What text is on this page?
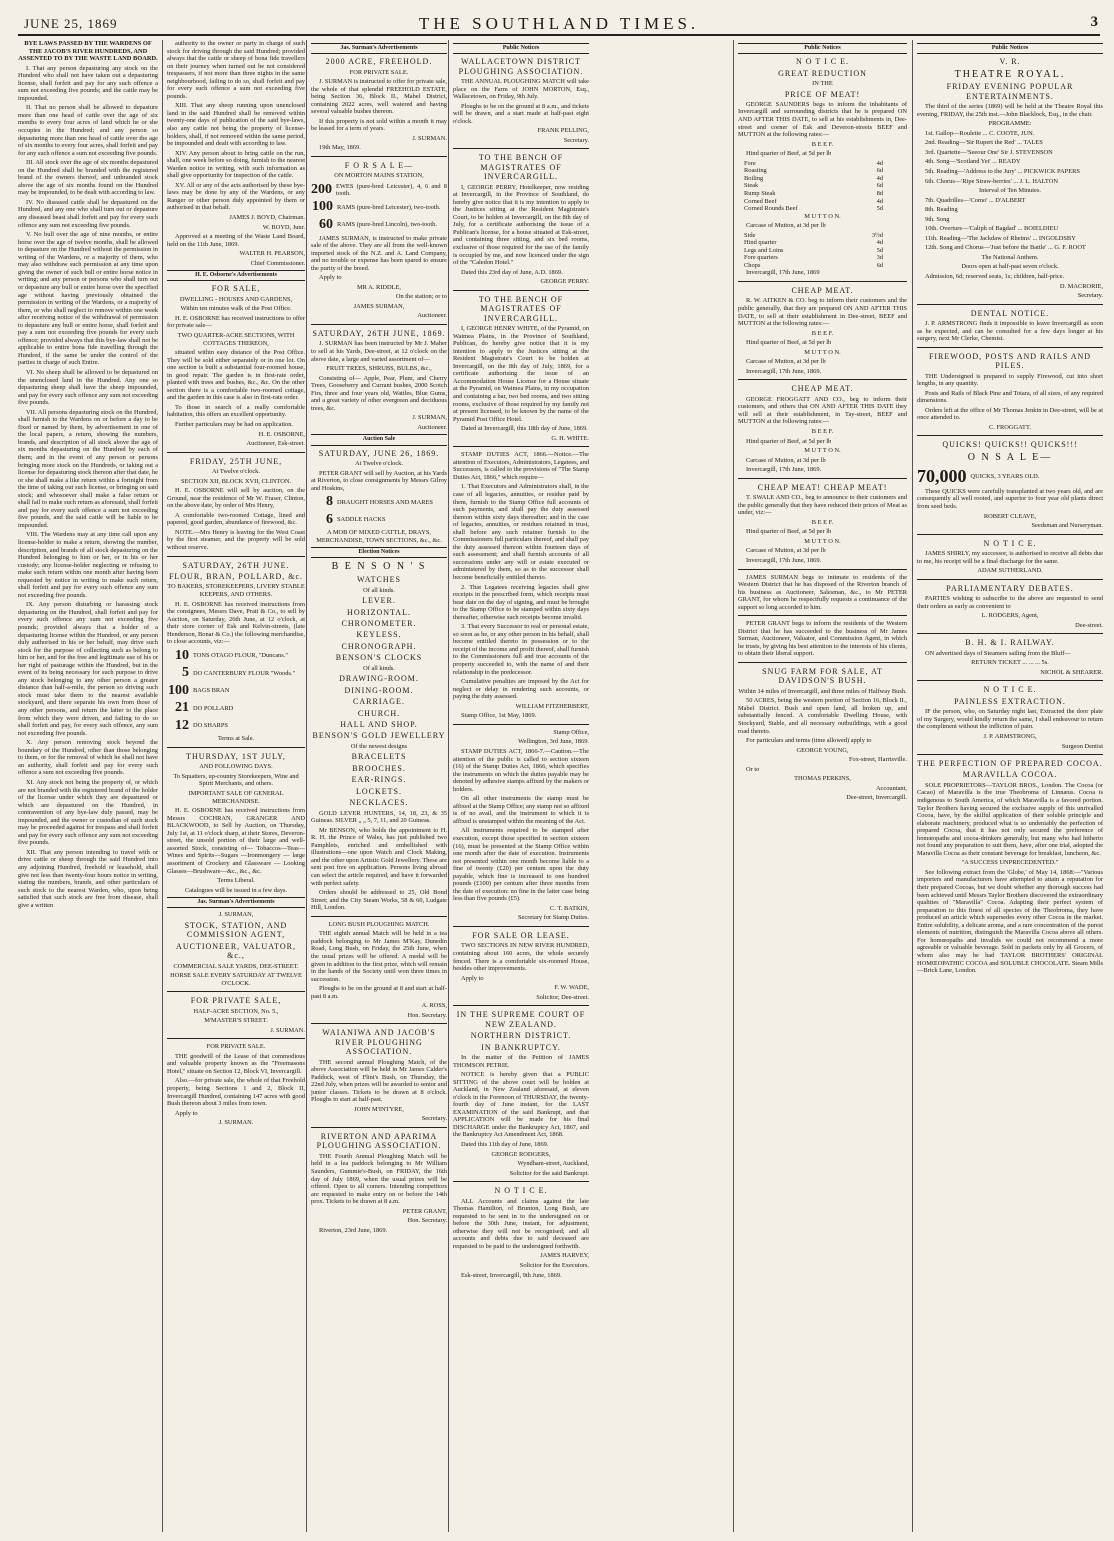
JUNE 25, 1869	THE SOUTHLAND TIMES.	3

BYE LAWS PASSED BY THE WARDENS OF THE JACOB'S RIVER HUNDREDS, AND ASSENTED TO BY THE WASTE LAND BOARD.

I. That any person depasturing any stock on the Hundred who shall not have taken out a depasturing license, shall forfeit and pay for any such offence a sum not exceeding five pounds; and the cattle may be impounded.

II. That no person shall be allowed to depasture more than one head of cattle over the age of six months to every four acres of land which he or she occupies in the Hundred; and any person so depasturing more than one head of cattle over the age of six months to every four acres, shall forfeit and pay for any such offence a sum not exceeding five pounds.

III. All stock over the age of six months depastured on the Hundred shall be branded with the registered brand of the owners thereof, and unbranded stock above the age of six months found on the Hundred may be impounded, to be dealt with according to law.

IV. No diseased cattle shall be depastured on the Hundred, and any one who shall turn out or depasture any diseased beast shall forfeit and pay for every such offence any sum not exceeding five pounds.

V. No bull over the age of nine months, or entire horse over the age of twelve months, shall be allowed to depasture on the Hundred without the permission in writing of the Wardens, or a majority of them, who may also withdraw such permission at any time upon giving the owner of such bull or entire horse notice in writing; and any person or persons who shall turn out or depasture any bull or entire horse over the specified age without having previously obtained the permission in writing of the Wardens, or a majority of them, or who shall neglect to remove within one week after receiving notice of the withdrawal of permission to depasture any bull or entire horse, shall forfeit and pay a sum not exceeding five pounds for every such offence; provided always that this bye-law shall not be applicable to entire bona fide travelling through the Hundred, if the same be under the control of the parties in charge of such Entire.

VI. No sheep shall be allowed to be depastured on the unenclosed land in the Hundred. Any one so depasturing sheep shall have the sheep impounded, and pay for every such offence any sum not exceeding five pounds.

VII. All persons depasturing stock on the Hundred, shall furnish to the Wardens on or before a day to be fixed or named by them, by advertisement in one of the local papers, a return, showing the numbers, brands, and description of all stock above the age of six months depasturing on the Hundred by each of them; and in the event of any person or persons bringing more stock on the Hundreds, or taking out a license for depasturing stock thereon after that date, he or she shall make a like return within a fortnight from the time of taking out such license, or bringing on said stock; and whosoever shall make a false return or shall fail to make such return as aforesaid, shall forfeit and pay for every such offence a sum not exceeding five pounds, and the said cattle will be liable to be impounded.

VIII. The Wardens may at any time call upon any license-holder to make a return, showing the number, description, and brands of all stock depasturing on the Hundred belonging to him or her, or in his or her custody; any license-holder neglecting or refusing to make such return within one month after having been requested by notice in writing to make such return, shall forfeit and pay for every such offence any sum not exceeding five pounds.

IX. Any person disturbing or harassing stock depasturing on the Hundred, shall forfeit and pay for every such offence any sum not exceeding five pounds; provided always that a holder of a depasturing license within the Hundred, or any person duly authorised in his or her behalf, may drive such stock for the purpose of collecting such as belong to him or her, and for the free and legitimate use of his or her right of pasturage within the Hundred, but in the event of its being necessary for such purpose to drive any stock belonging to any other person a greater distance than half-a-mile, the person so driving such stock must take them to the nearest available stockyard, and there separate his own from those of any other persons, and return the latter to the place from which they were driven, and failing to do so shall forfeit and pay, for every such offence, any sum not exceeding five pounds.

X. Any person removing stock beyond the boundary of the Hundred, other than those belonging to them, or for the removal of which he shall not have an authority, shall forfeit and pay for every such offence a sum not exceeding five pounds.

XI. Any stock not being the property of, or which are not branded with the registered brand of the holder of the license under which they are depastured or which are depastured on the Hundred, in contravention of any bye-law duly passed, may be impounded, and the owner or custodian of such stock may be proceeded against for trespass and shall forfeit and pay for every such offence any sum not exceeding five pounds.

XII. That any person intending to travel with or drive cattle or sheep through the said Hundred into any adjoining Hundred, freehold or leasehold, shall give not less than twenty-four hours notice in writing, stating the numbers, brands, and other particulars of such stock to the nearest Warden, who, upon being satisfied that such stock are free from disease, shall give a written

authority to the owner or party in charge of such stock for driving through the said Hundred; provided always that the cattle or sheep of bona fide travellers on their journey when turned out be not considered trespassers, if not more than three nights in the same neighbourhood, failing to do so, shall forfeit and pay for every such offence a sum not exceeding five pounds.

XIII. That any sheep running upon unenclosed land in the said Hundred shall be removed within twenty-one days of publication of the said bye-laws, also any cattle not being the property of license-holders, shall, if not removed within the same period, be impounded and dealt with according to law.

XIV. Any person about to bring cattle on the run, shall, one week before so doing, furnish to the nearest Warden notice in writing, with such information as shall give opportunity for inspection of the cattle.

XV. All or any of the acts authorised by these bye-laws may be done by any of the Wardens, or any Ranger or other person duly appointed by them or authorised in that behalf.

JAMES J. BOYD, Chairman.

W. BOYD, Junr.

Approved at a meeting of the Waste Land Board, held on the 11th June, 1869.

WALTER H. PEARSON,

Chief Commissioner.

H. E. Osborne's Advertisements

FOR SALE,

DWELLING - HOUSES AND GARDENS,

Within ten minutes walk of the Post Office.

H. E. OSBORNE has received instructions to offer for private sale—

TWO QUARTER-ACRE SECTIONS, WITH COTTAGES THEREON,

situated within easy distance of the Post Office. They will be sold either separately or in one lot. On one section is built a substantial four-roomed house, in good repair. The garden is in first-rate order, planted with trees and bushes, &c., &c. On the other section there is a comfortable two-roomed cottage, and the garden in this case is also in first-rate order.

To those in search of a really comfortable habitation, this offers an excellent opportunity.

Further particulars may be had on application.

H. E. OSBORNE,

Auctioneer, Esk-street.

FRIDAY, 25TH JUNE,

At Twelve o'clock.

SECTION XII, BLOCK XVII, CLINTON.

H. E. OSBORNE will sell by auction, on the Ground, near the residence of Mr W. Fraser, Clinton, on the above date, by order of Mrs Henry,

A comfortable two-roomed Cottage, lined and papered, good garden, abundance of firewood, &c.

NOTE.—Mrs Henry is leaving for the West Coast by the first steamer, and the property will be sold without reserve.

SATURDAY, 26TH JUNE.

FLOUR, BRAN, POLLARD, &c.

TO BAKERS, STOREKEEPERS, LIVERY STABLE KEEPERS, AND OTHERS.

H. E. OSBORNE has received instructions from the consignees, Messrs Dave, Pratt & Co., to sell by Auction, on Saturday, 26th June, at 12 o'clock, at their store corner of Esk and Kelvin-streets, (late Henderson, Bonar & Co.) the following merchandise, to close accounts, viz:—

10 TONS OTAGO FLOUR, "Duncans."
5 DO CANTERBURY FLOUR "Woods."
100 BAGS BRAN
21 DO POLLARD
12 DO SHARPS

Terms at Sale.

THURSDAY, 1ST JULY,

AND FOLLOWING DAYS.

To Squatters, up-country Storekeepers, Wine and Spirit Merchants, and others.

IMPORTANT SALE OF GENERAL MERCHANDISE.

H. E. OSBORNE has received instructions from Messrs COCHRAN, GRANGER AND BLACKWOOD, to Sell by Auction, on Thursday, July 1st, at 11 o'clock sharp, at their Stores, Deveron-street, the unsold portion of their large and well-assorted Stock, consisting of— Tobaccos—Teas—Wines and Spirits—Sugars —Ironmongery — large assortment of Crockery and Glassware — Looking Glasses—Brushware—&c., &c., &c.

Terms Liberal.

Catalogues will be issued in a few days.

Jas. Surman's Advertisements

J. SURMAN,

STOCK, STATION, AND COMMISSION AGENT,

AUCTIONEER, VALUATOR, &c.,

COMMERCIAL SALE YARDS, DEE-STREET.

HORSE SALE EVERY SATURDAY AT TWELVE O'CLOCK.

FOR PRIVATE SALE,

HALF-ACRE SECTION, No. 5.,

M'MASTER'S STREET.

J. SURMAN.

FOR PRIVATE SALE.

THE goodwill of the Lease of that commodious and valuable property known as the "Freemasons Hotel," situate on Section 12, Block VI, Invercargill.

Also.—for private sale, the whole of that Freehold property, being Sections 1 and 2, Block II, Invercargill Hundred, containing 147 acres with good Bush thereon about 3 miles from town.

Apply to

J. SURMAN.

Jas. Surman's Advertisements

2000 ACRE, FREEHOLD.

FOR PRIVATE SALE.

J. SURMAN is instructed to offer for private sale, the whole of that splendid FREEHOLD ESTATE, being Section 36, Block II., Mabel District, containing 2022 acres, well watered and having several valuable bushes thereon.

If this property is not sold within a month it may be leased for a term of years.

J. SURMAN.

19th May, 1869.

F O R S A L E—

ON MORTON MAINS STATION,

200 EWES (pure-bred Leicester), 4, 6 and 8 tooth.
100 RAMS (pure-bred Leicester), two-tooth.
60 RAMS (pure-bred Lincoln), two-tooth.

JAMES SURMAN, is instructed to make private sale of the above. They are all from the well-known imported stock of the N.Z. and A. Land Company, and no trouble or expense has been spared to ensure the purity of the breed.

Apply to

MR A. RIDDLE,

On the station; or to

JAMES SURMAN,

Auctioneer.

SATURDAY, 26TH JUNE, 1869.

J. SURMAN has been instructed by Mr J. Maher to sell at his Yards, Dee-street, at 12 o'clock on the above date, a large and varied assortment of—

FRUIT TREES, SHRUBS, BULBS, &c.,

Consisting of— Apple, Pear, Plum, and Cherry Trees, Gooseberry and Currant bushes, 2000 Scotch Firs, three and four years old, Wattles, Blue Gums, and a great variety of other evergreen and deciduous trees, &c.

J. SURMAN,

Auctioneer.

Auction Sale

SATURDAY, JUNE 26, 1869.

At Twelve o'clock.

PETER GRANT will sell by Auction, at his Yards at Riverton, to close consignments by Messrs Gilroy and Hoskins,

8 DRAUGHT HORSES AND MARES
6 SADDLE HACKS

A MOB OF MIXED CATTLE, DRAYS, MERCHANDISE, TOWN SECTIONS, &c., &c.

Election Notices

B E N S O N ' S

WATCHES

Of all kinds.

LEVER.

HORIZONTAL.

CHRONOMETER.

KEYLESS.

CHRONOGRAPH.

BENSON'S CLOCKS

Of all kinds.

DRAWING-ROOM.

DINING-ROOM.

CARRIAGE.

CHURCH.

HALL AND SHOP.

BENSON'S GOLD JEWELLERY

Of the newest designs

BRACELETS

BROOCHES.

EAR-RINGS.

LOCKETS.

NECKLACES.

GOLD LEVER HUNTERS, 14, 18, 23, & 35 Guineas. SILVER „ „ 5, 7, 11, and 20 Guineas.

Mr BENSON, who holds the appointment to H. R. H. the Prince of Wales, has just published two Pamphlets, enriched and embellished with illustrations—one upon Watch and Clock Making, and the other upon Artistic Gold Jewellery. These are sent post free on application. Persons living abroad can select the article required, and have it forwarded with perfect safety.

Orders should be addressed to 25, Old Bond Street; and the City Steam Works, 58 & 60, Ludgate Hill, London.

LONG BUSH PLOUGHING MATCH.

THE eighth annual Match will be held in a tea paddock belonging to Mr James M'Kay, Dunedin Road, Long Bush, on Friday, the 25th June, when the usual prizes will be offered. A medal will be given in addition to the first prize, which will remain in the hands of the Society until won three times in succession.

Ploughs to be on the ground at 8 and start at half-past 8 a.m.

A. ROSS,

Hon. Secretary.

WAIANIWA AND JACOB'S RIVER PLOUGHING ASSOCIATION.

THE second annual Ploughing Match, of the above Association will be held in Mr James Calder's Paddock, west of Flint's Bush, on Thursday, the 22nd July, when prizes will be awarded to senior and junior classes. Tickets to be drawn at 8 o'clock. Ploughs to start at half-past.

JOHN M'INTYRE,

Secretary.

RIVERTON AND APARIMA PLOUGHING ASSOCIATION.

THE Fourth Annual Ploughing Match will be held in a lea paddock belonging to Mr William Saunders, Gummie's-Bush, on FRIDAY, the 16th day of July 1869, when the usual prizes will be offered. Open to all comers. Intending competitors are requested to make entry on or before the 14th prox. Tickets to be drawn at 8 a.m.

PETER GRANT,

Hon. Secretary.

Riverton, 23rd June, 1869.

Public Notices

WALLACETOWN DISTRICT PLOUGHING ASSOCIATION.

THE ANNUAL PLOUGHING MATCH will take place on the Farm of JOHN MORTON, Esq., Wallacetown, on Friday, 9th July.

Ploughs to be on the ground at 8 a.m., and tickets will be drawn, and a start made at half-past eight o'clock.

FRANK PELLING,

Secretary.

TO THE BENCH OF MAGISTRATES OF INVERCARGILL.

I, GEORGE PERRY, Hotelkeeper, now residing at Invercargill, in the Province of Southland, do hereby give notice that it is my intention to apply to the Justices sitting at the Resident Magistrate's Court, to be holden at Invercargill, on the 8th day of July, for a certificate authorising the issue of a Publican's license, for a house situated at Esk-street, and containing three sitting, and six bed rooms, exclusive of those required for the use of the family is occupied by me, and now licenced under the sign of the "Caledon Hotel."

Dated this 23rd day of June, A.D. 1869.

GEORGE PERRY.

TO THE BENCH OF MAGISTRATES OF INVERCARGILL.

I, GEORGE HENRY WHITE, of the Pyramid, on Waimea Plains, in the Province of Southland, Publican, do hereby give notice that it is my intention to apply to the Justices sitting at the Resident Magistrate's Court to be holden at Invercargill, on the 8th day of July, 1869, for a certificate authorising the issue of an Accommodation House License for a House situate at the Pyramid, on Waimea Plains, in my occupation and containing a bar, two bed rooms, and two sitting rooms, exclusive of those required by my family not at present licensed, to be known by the name of the Pyramid Post Office Hotel.

Dated at Invercargill, this 18th day of June, 1869.

G. H. WHITE.

STAMP DUTIES ACT, 1866.—Notice.—The attention of Executors, Administrators, Legatees, and Successors, is called to the provisions of "The Stamp Duties Act, 1866," which require—

1. That Executors and Administrators shall, in the case of all legacies, annuities, or residue paid by them, furnish to the Stamp Office full accounts of such payments, and shall pay the duty assessed thereon within sixty days thereafter; and in the case of legacies, annuities, or residues retained in trust, shall before any such retainer furnish to the Commissioners full particulars thereof, and shall pay the duty assessed thereon within fourteen days of such assessment; and shall furnish accounts of all successions under any will or estate executed or administered by them, so as to the successor shall become beneficially entitled thereto.

2. That Legatees receiving legacies shall give receipts in the prescribed form, which receipts must bear date on the day of signing, and must be brought to the Stamp Office to be stamped within sixty days thereafter, otherwise such receipts become invalid.

3. That every Successor to real or personal estate, so soon as he, or any other person in his behalf, shall become entitled thereto in possession or to the receipt of the income and profit thereof, shall furnish to the Commissioners full and true accounts of the property succeeded to, with the name of and their relationship to the predecessor.

Cumulative penalties are imposed by the Act for neglect or delay in rendering such accounts, or paying the duty assessed.

WILLIAM FITZHERBERT,

Stamp Office, 1st May, 1869.

Stamp Office,

Wellington, 3rd June, 1869.

STAMP DUTIES ACT, 1866-7.—Caution.—The attention of the public is called to section sixteen (16) of the Stamp Duties Act, 1866, which specifies the instruments on which the duties payable may be denoted by adhesive stamps affixed by the makers or holders.

On all other instruments the stamp must be affixed at the Stamp Office; any stamp not so affixed is of no avail, and the instrument to which it is affixed is unstamped within the meaning of the Act.

All instruments required to be stamped after execution, except those specified in section sixteen (16), must be presented at the Stamp Office within one month after the date of execution. Instruments not presented within one month become liable to a fine of twenty (£20) per centum upon the duty payable, which fine is increased to one hundred pounds (£100) per centum after three months from the date of execution: no fine in the latter case being less than five pounds (£5).

C. T. BATKIN,

Secretary for Stamp Duties.

FOR SALE OR LEASE.

TWO SECTIONS IN NEW RIVER HUNDRED, containing about 160 acres, the whole securely fenced. There is a comfortable six-roomed House, besides other improvements.

Apply to

F. W. WADE,

Solicitor, Dee-street.

IN THE SUPREME COURT OF NEW ZEALAND.

NORTHERN DISTRICT.

IN BANKRUPTCY.

In the matter of the Petition of JAMES THOMSON PETRIE.

NOTICE is hereby given that a PUBLIC SITTING of the above court will be holden at Auckland, in New Zealand aforesaid, at eleven o'clock in the Forenoon of THURSDAY, the twenty-fourth day of June instant, for the LAST EXAMINATION of the said Bankrupt, and that APPLICATION will be made for his final DISCHARGE under the Bankruptcy Act, 1867, and the Bankruptcy Act Amendment Act, 1868.

Dated this 11th day of June, 1869.

GEORGE RODGERS,

Wyndham-street, Auckland,

Solicitor for the said Bankrupt.

N O T I C E.

ALL Accounts and claims against the late Thomas Hamilton, of Brunton, Long Bush, are requested to be sent in to the undersigned on or before the 30th June, instant, for adjustment, otherwise they will not be recognised; and all accounts and debts due to said deceased are requested to be paid to the undersigned forthwith.

JAMES HARVEY,

Solicitor for the Executors.

Esk-street, Invercargill, 9th June, 1869.

Public Notices

N O T I C E.

GREAT REDUCTION

IN THE

PRICE OF MEAT!

GEORGE SAUNDERS begs to inform the inhabitants of Invercargill and surrounding districts that he is prepared ON AND AFTER THIS DATE, to sell at his establishments in, Dee-street and corner of Esk and Deveron-streets BEEF and MUTTON at the following rates:—

B E E F.

Hind quarter of Beef, at 5d per lb

Fore	4d
Roasting	6d
Boiling	4d
Steak	6d
Rump Steak	8d
Corned Beef	4d
Corned Rounds Beef	5d

M U T T O N.

Carcase of Mutton, at 3d per lb

Side	3½d
Hind quarter	4d
Legs and Loins	5d
Fore quarters	3d
Chops	6d

Invercargill, 17th June, 1869

CHEAP MEAT.

R. W. AITKEN & CO. beg to inform their customers and the public generally, that they are prepared ON AND AFTER THIS DATE, to sell at their establishment in Dee-street, BEEF and MUTTON at the following rates:—

B E E F.

Hind quarter of Beef, at 5d per lb

M U T T O N.

Carcase of Mutton, at 3d per lb

Invercargill, 17th June, 1869.

CHEAP MEAT.

GEORGE FROGGATT AND CO., beg to inform their customers, and others that ON AND AFTER THIS DATE they will sell at their establishment, in Tay-street, BEEF and MUTTON at the following rates:—

B E E F.

Hind quarter of Beef, at 5d per lb

M U T T O N.

Carcase of Mutton, at 3d per lb

Invercargill, 17th June, 1869.

CHEAP MEAT! CHEAP MEAT!

T. SWALE AND CO., beg to announce to their customers and the public generally that they have reduced their prices of Meat as under, viz:—

B E E F.

Hind quarter of Beef, at 5d per lb

M U T T O N.

Carcase of Mutton, at 3d per lb

Invercargill, 17th June, 1869.

JAMES SURMAN begs to intimate to residents of the Western District that he has disposed of the Riverton branch of his business as Auctioneer, Salesman, &c., to Mr PETER GRANT, for whom he respectfully requests a continuance of the support so long accorded to him.

PETER GRANT begs to inform the residents of the Western District that he has succeeded to the business of Mr James Surman, Auctioneer, Valuator, and Commission Agent, in which he trusts, by giving his best attention to the interests of his clients, to obtain their liberal support.

SNUG FARM FOR SALE, AT DAVIDSON'S BUSH.

Within 14 miles of Invercargill, and three miles of Halfway Bush.

50 ACRES, being the western portion of Section 16, Block II., Mabel District. Bush and open land, all broken up, and substantially fenced. A comfortable Dwelling House, with Stockyard, Stable, and all necessary outbuildings, with a good road thereto.

For particulars and terms (time allowed) apply to

GEORGE YOUNG,

Fox-street, Harrisville.

Or to

THOMAS PERKINS,

Accountant,

Dee-street, Invercargill.

Public Notices

V. R.

THEATRE ROYAL.

FRIDAY EVENING POPULAR ENTERTAINMENTS.

The third of the series (1869) will be held at the Theatre Royal this evening, FRIDAY, the 25th inst.—John Blacklock, Esq., in the chair.

PROGRAMME:

1st. Gallop—Roulette ... C. COOTE, JUN.

2nd. Reading—'Sir Rupert the Red' ... TALES

3rd. Quartette—'Seeour One' Sir J. STEVENSON

4th. Song—'Scotland Yet' ... READY

5th. Reading—'Address to the Jury' ... PICKWICK PAPERS

6th. Chorus—'Ripe Straw-berries' ... J. L. HALTON

Interval of Ten Minutes.

7th. Quadrilles—'Como' ... D'ALBERT

8th. Reading

9th. Song

10th. Overture—'Caliph of Bagdad' ... BOIELDIEU

11th. Reading—'The Jackdaw of Rheims' ... INGOLDSBY

12th. Song and Chorus—'Just before the Battle' ... G. F. ROOT

The National Anthem.

Doors open at half-past seven o'clock.

Admission, 6d; reserved seats, 1s; children, half-price.

D. MACRORIE,

Secretary.

DENTAL NOTICE.

J. P. ARMSTRONG finds it impossible to leave Invercargill as soon as he expected, and can be consulted for a few days longer at his surgery, next Mr Clerke, Chemist.

FIREWOOD, POSTS AND RAILS AND PILES.

THE Undersigned is prepared to supply Firewood, cut into short lengths, in any quantity.

Posts and Rails of Black Pine and Totara, of all sizes, of any required dimensions.

Orders left at the office of Mr Thomas Jenkin in Dee-street, will be at once attended to.

C. FROGGATT.

QUICKS! QUICKS!! QUICKS!!!

O N S A L E—

70,000 QUICKS, 3 YEARS OLD.

These QUICKS were carefully transplanted at two years old, and are consequently all well rooted, and superior to four year old plants direct from seed beds.

ROBERT CLEAVE,

Seedsman and Nurseryman.

N O T I C E.

JAMES SHIRLY, my successor, is authorised to receive all debts due to me, his receipt will be a final discharge for the same.

ADAM SUTHERLAND.

PARLIAMENTARY DEBATES.

PARTIES wishing to subscribe to the above are requested to send their orders as early as convenient to

L. RODGERS, Agent,

Dee-street.

B. H. & I. RAILWAY.

ON advertised days of Steamers sailing from the Bluff—

RETURN TICKET ... ... ... 5s.

NICHOL & SHEARER.

N O T I C E.

PAINLESS EXTRACTION.

IF the person, who, on Saturday night last, Extracted the door plate of my Surgery, would kindly return the same, I shall endeavour to return the compliment without the infliction of pain.

J. P. ARMSTRONG,

Surgeon Dentist

THE PERFECTION OF PREPARED COCOA.

MARAVILLA COCOA.

SOLE PROPRIETORS—TAYLOR BROS., London. The Cocoa (or Cacao) of Maravilla is the true Theobroma of Linnæus. Cocoa is indigenous to South America, of which Maravilla is a favored portion. Taylor Brothers having secured the exclusive supply of this unrivalled Cocoa, have, by the skilful application of their soluble principle and elaborate machinery, produced what is so undeniably the perfection of prepared Cocoa, that it has not only secured the preference of homœopaths and cocoa-drinkers generally, but many who had hitherto not found any preparation to suit them, have, after one trial, adopted the Maravilla Cocoa as their constant beverage for breakfast, luncheon, &c.

"A SUCCESS UNPRECEDENTED."

See following extract from the 'Globe,' of May 14, 1868:—"Various importers and manufacturers have attempted to attain a reputation for their prepared Cocoas, but we doubt whether any thorough success had been achieved until Messrs Taylor Brothers discovered the extraordinary qualities of "Maravilla" Cocoa. Adapting their perfect system of preparation to this finest of all species of the Theobroma, they have produced an article which supersedes every other Cocoa in the market. Entire solubility, a delicate aroma, and a rare concentration of the purest elements of nutrition, distinguish the Maravilla Cocoa above all others. For homœopaths and invalids we could not recommend a more agreeable or valuable beverage. Sold in packets only by all Grocers, of whom also may be had TAYLOR BROTHERS' ORIGINAL HOMŒOPATHIC COCOA and SOLUBLE CHOCOLATE. Steam Mills—Brick Lane, London.
